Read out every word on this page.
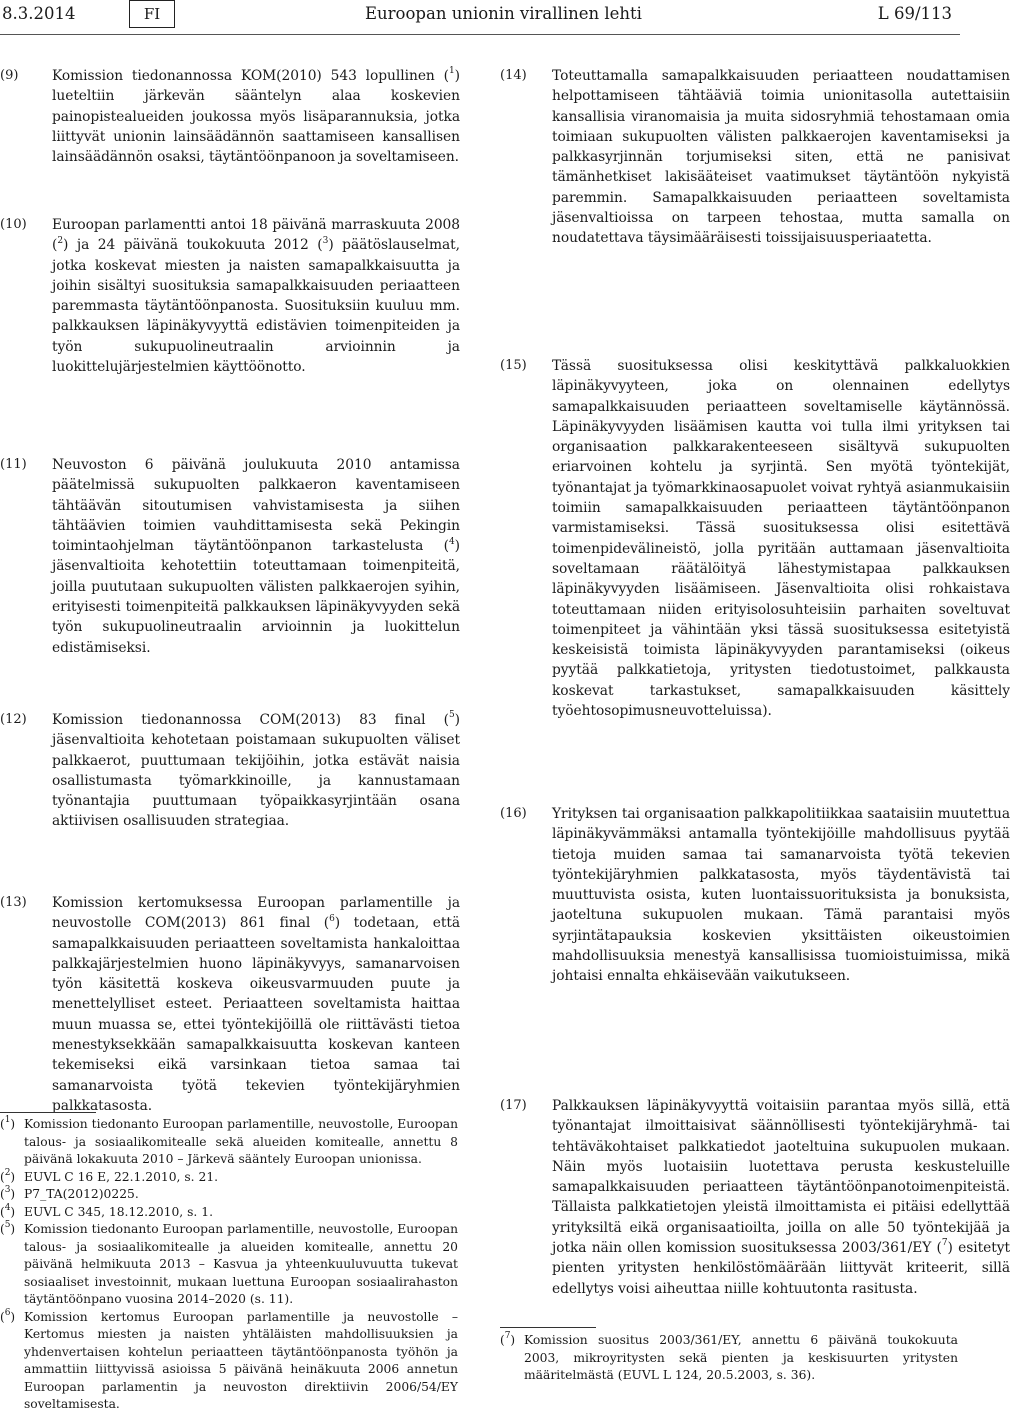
8.3.2014	FI	Euroopan unionin virallinen lehti	L 69/113
(9) Komission tiedonannossa KOM(2010) 543 lopullinen ($^1$) lueteltiin järkevän sääntelyn alaa koskevien painopistealueiden joukossa myös lisäparannuksia, jotka liittyvät unionin lainsäädännön saattamiseen kansallisen lainsäädännön osaksi, täytäntöönpanoon ja soveltamiseen.
(10) Euroopan parlamentti antoi 18 päivänä marraskuuta 2008 ($^2$) ja 24 päivänä toukokuuta 2012 ($^3$) päätöslauselmat, jotka koskevat miesten ja naisten samapalkkaisuutta ja joihin sisältyi suosituksia samapalkkaisuuden periaatteen paremmasta täytäntöönpanosta. Suosituksiin kuuluu mm. palkkauksen läpinäkyvyyttä edistävien toimenpiteiden ja työn sukupuolineutraalin arvioinnin ja luokittelujärjestelmien käyttöönotto.
(11) Neuvoston 6 päivänä joulukuuta 2010 antamissa päätelmissä sukupuolten palkkaeron kaventamiseen tähtäävän sitoutumisen vahvistamisesta ja siihen tähtäävien toimien vauhdittamisesta sekä Pekingin toimintaohjelman täytäntöönpanon tarkastelusta ($^4$) jäsenvaltioita kehotettiin toteuttamaan toimenpiteitä, joilla puututaan sukupuolten välisten palkkaerojen syihin, erityisesti toimenpiteitä palkkauksen läpinäkyvyyden sekä työn sukupuolineutraalin arvioinnin ja luokittelun edistämiseksi.
(12) Komission tiedonannossa COM(2013) 83 final ($^5$) jäsenvaltioita kehotetaan poistamaan sukupuolten väliset palkkaerot, puuttumaan tekijöihin, jotka estävät naisia osallistumasta työmarkkinoille, ja kannustamaan työnantajia puuttumaan työpaikkasyrjintään osana aktiivisen osallisuuden strategiaa.
(13) Komission kertomuksessa Euroopan parlamentille ja neuvostolle COM(2013) 861 final ($^6$) todetaan, että samapalkkaisuuden periaatteen soveltamista hankaloittaa palkkajärjestelmien huono läpinäkyvyys, samanarvoisen työn käsitettä koskeva oikeusvarmuuden puute ja menettelylliset esteet. Periaatteen soveltamista haittaa muun muassa se, ettei työntekijöillä ole riittävästi tietoa menestyksekkään samapalkkaisuutta koskevan kanteen tekemiseksi eikä varsinkaan tietoa samaa tai samanarvoista työtä tekevien työntekijäryhmien palkkatasosta.
($^1$) Komission tiedonanto Euroopan parlamentille, neuvostolle, Euroopan talous- ja sosiaalikomitealle sekä alueiden komitealle, annettu 8 päivänä lokakuuta 2010 – Järkevä sääntely Euroopan unionissa.
($^2$) EUVL C 16 E, 22.1.2010, s. 21.
($^3$) P7_TA(2012)0225.
($^4$) EUVL C 345, 18.12.2010, s. 1.
($^5$) Komission tiedonanto Euroopan parlamentille, neuvostolle, Euroopan talous- ja sosiaalikomitealle ja alueiden komitealle, annettu 20 päivänä helmikuuta 2013 – Kasvua ja yhteenkuuluvuutta tukevat sosiaaliset investoinnit, mukaan luettuna Euroopan sosiaalirahaston täytäntöönpano vuosina 2014–2020 (s. 11).
($^6$) Komission kertomus Euroopan parlamentille ja neuvostolle – Kertomus miesten ja naisten yhtäläisten mahdollisuuksien ja yhdenvertaisen kohtelun periaatteen täytäntöönpanosta työhön ja ammattiin liittyvissä asioissa 5 päivänä heinäkuuta 2006 annetun Euroopan parlamentin ja neuvoston direktiivin 2006/54/EY soveltamisesta.
(14) Toteuttamalla samapalkkaisuuden periaatteen noudattamisen helpottamiseen tähtääviä toimia unionitasolla autettaisiin kansallisia viranomaisia ja muita sidosryhmiä tehostamaan omia toimiaan sukupuolten välisten palkkaerojen kaventamiseksi ja palkkasyrjinnän torjumiseksi siten, että ne panisivat tämänhetkiset lakisääteiset vaatimukset täytäntöön nykyistä paremmin. Samapalkkaisuuden periaatteen soveltamista jäsenvaltioissa on tarpeen tehostaa, mutta samalla on noudatettava täysimääräisesti toissijaisuusperiaatetta.
(15) Tässä suosituksessa olisi keskityttävä palkkaluokkien läpinäkyvyyteen, joka on olennainen edellytys samapalkkaisuuden periaatteen soveltamiselle käytännössä. Läpinäkyvyyden lisäämisen kautta voi tulla ilmi yrityksen tai organisaation palkkarakenteeseen sisältyvä sukupuolten eriarvoinen kohtelu ja syrjintä. Sen myötä työntekijät, työnantajat ja työmarkkinaosapuolet voivat ryhtyä asianmukaisiin toimiin samapalkkaisuuden periaatteen täytäntöönpanon varmistamiseksi. Tässä suosituksessa olisi esitettävä toimenpidevälineistö, jolla pyritään auttamaan jäsenvaltioita soveltamaan räätälöityä lähestymistapaa palkkauksen läpinäkyvyyden lisäämiseen. Jäsenvaltioita olisi rohkaistava toteuttamaan niiden erityisolosuhteisiin parhaiten soveltuvat toimenpiteet ja vähintään yksi tässä suosituksessa esitetyistä keskeisistä toimista läpinäkyvyyden parantamiseksi (oikeus pyytää palkkatietoja, yritysten tiedotustoimet, palkkausta koskevat tarkastukset, samapalkkaisuuden käsittely työehtosopimusneuvotteluissa).
(16) Yrityksen tai organisaation palkkapolitiikkaa saataisiin muutettua läpinäkyvämmäksi antamalla työntekijöille mahdollisuus pyytää tietoja muiden samaa tai samanarvoista työtä tekevien työntekijäryhmien palkkatasosta, myös täydentävistä tai muuttuvista osista, kuten luontaissuorituksista ja bonuksista, jaoteltuna sukupuolen mukaan. Tämä parantaisi myös syrjintätapauksia koskevien yksittäisten oikeustoimien mahdollisuuksia menestyä kansallisissa tuomioistuimissa, mikä johtaisi ennalta ehkäisevään vaikutukseen.
(17) Palkkauksen läpinäkyvyyttä voitaisiin parantaa myös sillä, että työnantajat ilmoittaisivat säännöllisesti työntekijäryhmä- tai tehtäväkohtaiset palkkatiedot jaoteltuina sukupuolen mukaan. Näin myös luotaisiin luotettava perusta keskusteluille samapalkkaisuuden periaatteen täytäntöönpanotoimenpiteistä. Tällaista palkkatietojen yleistä ilmoittamista ei pitäisi edellyttää yrityksiltä eikä organisaatioilta, joilla on alle 50 työntekijää ja jotka näin ollen komission suosituksessa 2003/361/EY ($^7$) esitetyt pienten yritysten henkilöstömäärään liittyvät kriteerit, sillä edellytys voisi aiheuttaa niille kohtuutonta rasitusta.
($^7$) Komission suositus 2003/361/EY, annettu 6 päivänä toukokuuta 2003, mikroyritysten sekä pienten ja keskisuurten yritysten määritelmästä (EUVL L 124, 20.5.2003, s. 36).
